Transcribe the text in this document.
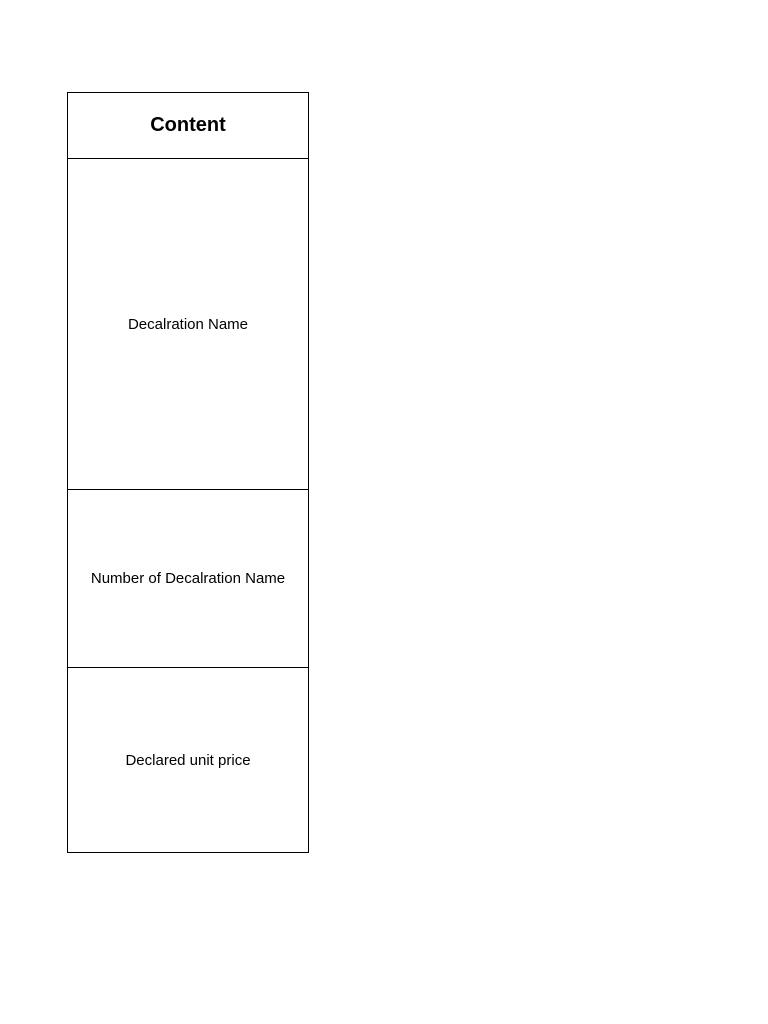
Content
Decalration Name
Number of Decalration Name
Declared unit price
